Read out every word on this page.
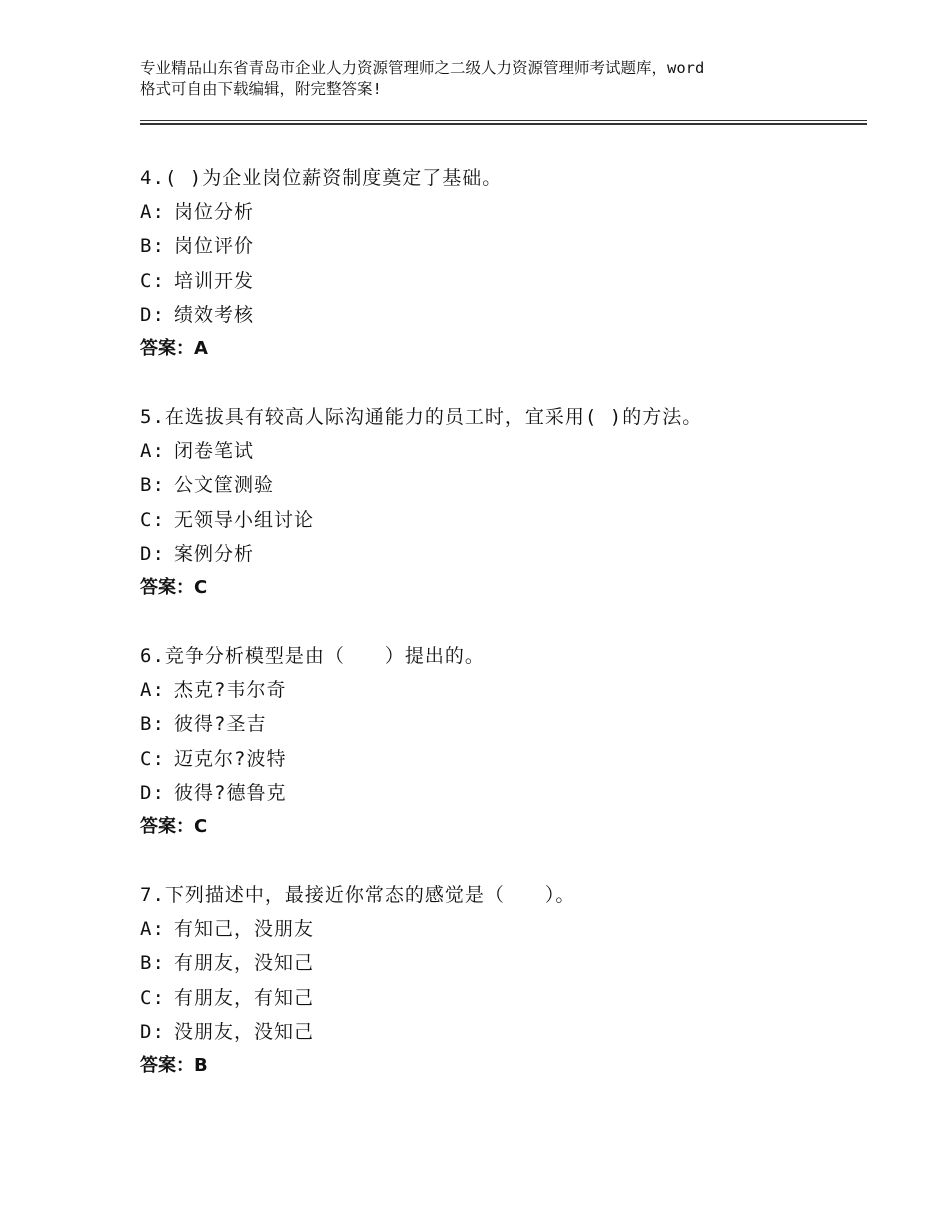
专业精品山东省青岛市企业人力资源管理师之二级人力资源管理师考试题库，word
格式可自由下载编辑，附完整答案!
4.( )为企业岗位薪资制度奠定了基础。
A: 岗位分析
B: 岗位评价
C: 培训开发
D: 绩效考核
答案：A
5.在选拔具有较高人际沟通能力的员工时，宜采用( )的方法。
A: 闭卷笔试
B: 公文筐测验
C: 无领导小组讨论
D: 案例分析
答案：C
6.竞争分析模型是由（　　）提出的。
A: 杰克?韦尔奇
B: 彼得?圣吉
C: 迈克尔?波特
D: 彼得?德鲁克
答案：C
7.下列描述中，最接近你常态的感觉是（　　）。
A: 有知己，没朋友
B: 有朋友，没知己
C: 有朋友，有知己
D: 没朋友，没知己
答案：B
